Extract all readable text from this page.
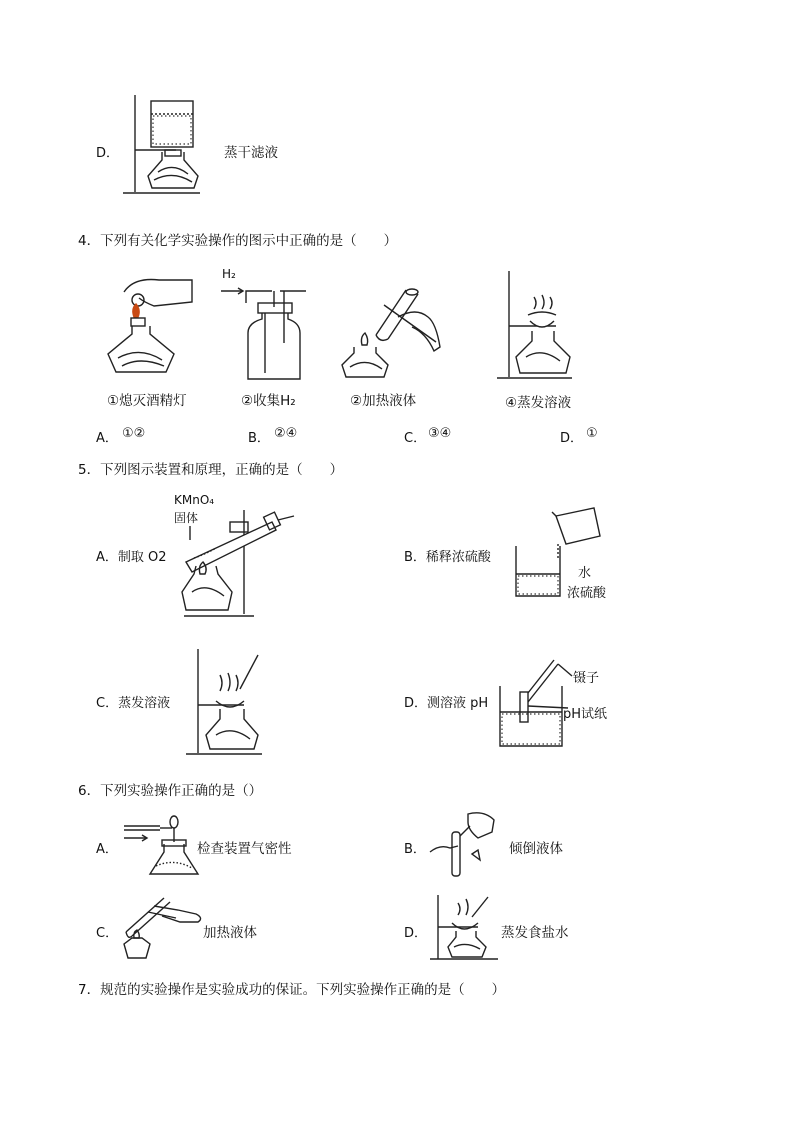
D．	蒸干滤液
4．下列有关化学实验操作的图示中正确的是（　　）
H₂
①熄灭酒精灯	②收集H₂	②加热液体	④蒸发溶液
A． ①②	B． ②④	C． ③④	D． ①
5．下列图示装置和原理，正确的是（　　）
A．制取 O2
KMnO₄
固体
B．稀释浓硫酸
水
浓硫酸
C．蒸发溶液	D．测溶液 pH
镊子
pH试纸
6．下列实验操作正确的是（）
A．	检查装置气密性	B．	倾倒液体
C．	加热液体	D．	蒸发食盐水
7．规范的实验操作是实验成功的保证。下列实验操作正确的是（　　）
